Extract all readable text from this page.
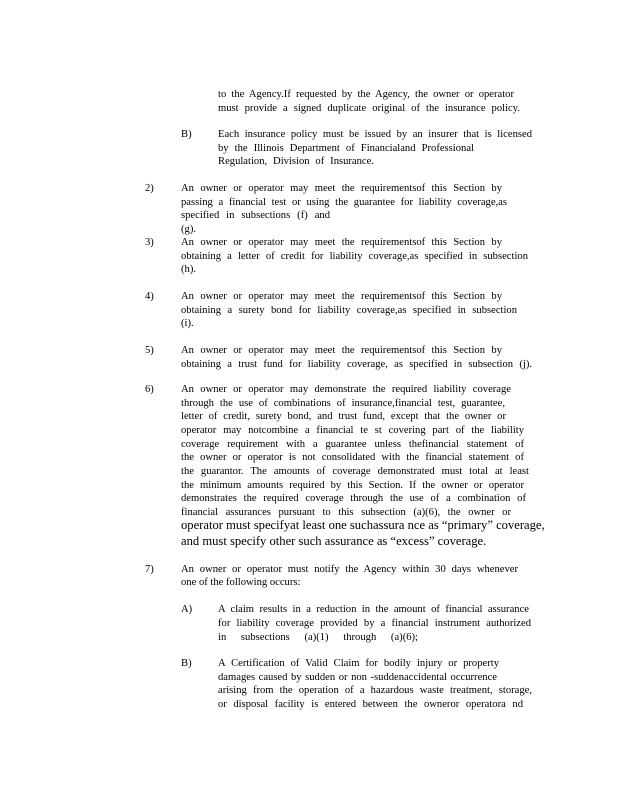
to the Agency.If requested by the Agency, the owner or operator
must provide a signed duplicate original of the insurance policy.
B) Each insurance policy must be issued by an insurer that is licensed
by the Illinois Department of Financialand Professional
Regulation, Division of Insurance.
2)	An owner or operator may meet the requirementsof this Section by
passing a financial test or using the guarantee for liability coverage,as
specified in subsections (f) and (g).
3)	An owner or operator may meet the requirementsof this Section by
obtaining a letter of credit for liability coverage,as specified in subsection
(h).
4)	An owner or operator may meet the requirementsof this Section by
obtaining a surety bond for liability coverage,as specified in subsection
(i).
5)	An owner or operator may meet the requirementsof this Section by
obtaining a trust fund for liability coverage, as specified in subsection (j).
6)	An owner or operator may demonstrate the required liability coverage
through the use of combinations of insurance,financial test, guarantee,
letter of credit, surety bond, and trust fund, except that the owner or
operator may notcombine a financial te st covering part of the liability
coverage requirement with a guarantee unless thefinancial statement of
the owner or operator is not consolidated with the financial statement of
the guarantor. The amounts of coverage demonstrated must total at least
the minimum amounts required by this Section. If the owner or operator
demonstrates the required coverage through the use of a combination of
financial assurances pursuant to this subsection (a)(6), the owner or
operator must specifyat least one suchassura nce as “primary” coverage,
and must specify other such assurance as “excess” coverage.
7)	An owner or operator must notify the Agency within 30 days whenever
one of the following occurs:
A) A claim results in a reduction in the amount of financial assurance
for liability coverage provided by a financial instrument authorized
in subsections (a)(1) through (a)(6);
B) A Certification of Valid Claim for bodily injury or property
damages caused by sudden or non -suddenaccidental occurrence
arising from the operation of a hazardous waste treatment, storage,
or disposal facility is entered between the owneror operatora nd
